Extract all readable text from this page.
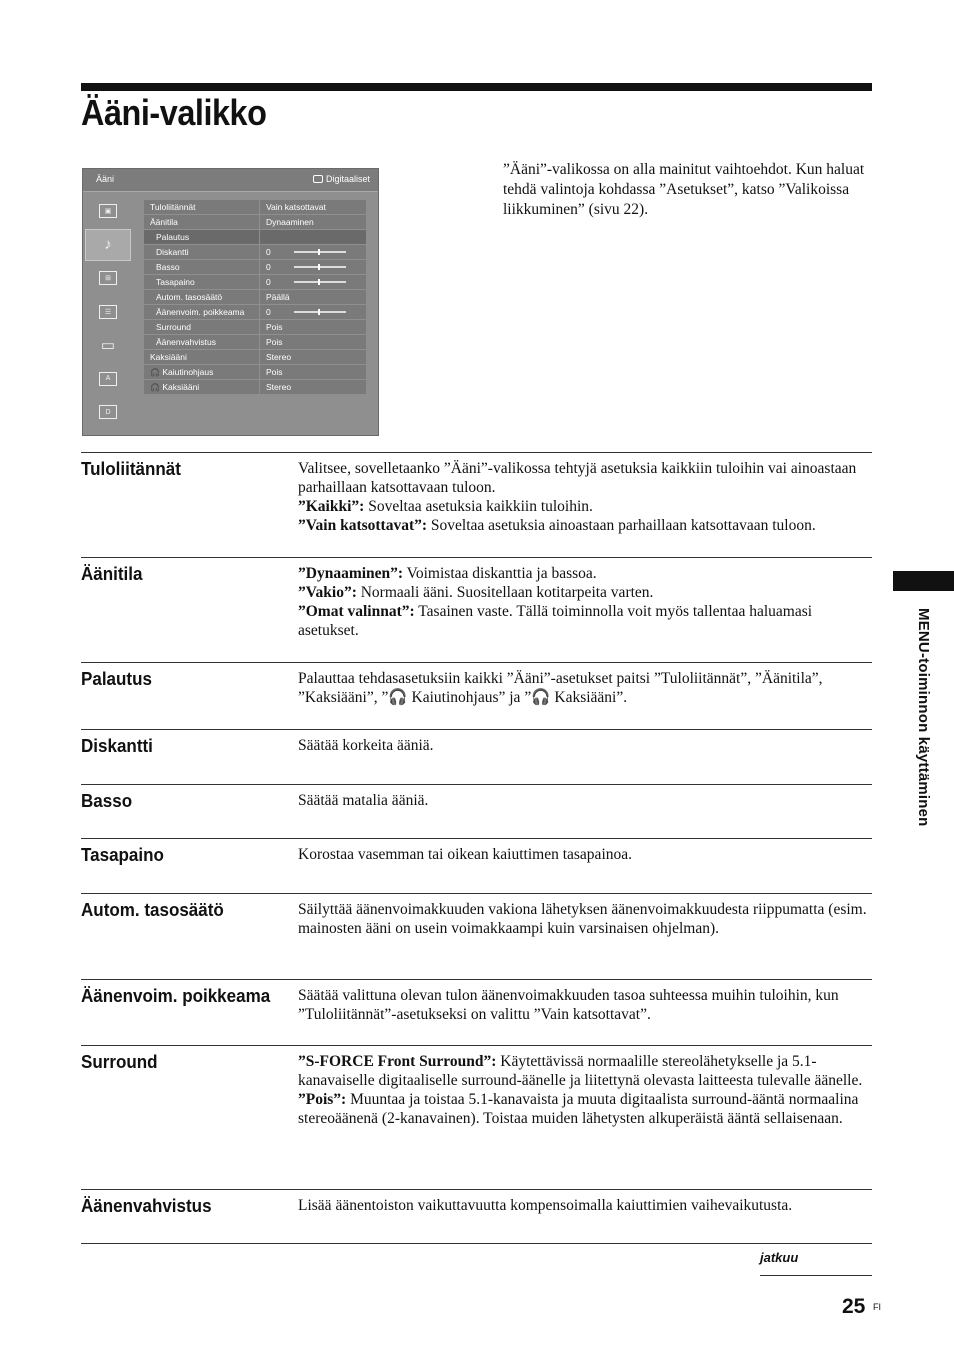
Ääni-valikko

”Ääni”-valikossa on alla mainitut vaihtoehdot. Kun haluat tehdä valintoja kohdassa ”Asetukset”, katso ”Valikoissa liikkuminen” (sivu 22).

Ääni	Digitaaliset
▣
♪
⊞
☰
▭
A
D
Tuloliitännät	Vain katsottavat
Äänitila	Dynaaminen
Palautus
Diskantti	0
Basso	0
Tasapaino	0
Autom. tasosäätö	Päällä
Äänenvoim. poikkeama	0
Surround	Pois
Äänenvahvistus	Pois
Kaksiääni	Stereo
🎧 Kaiutinohjaus	Pois
🎧 Kaksiääni	Stereo
Tuloliitännät	Valitsee, sovelletaanko ”Ääni”-valikossa tehtyjä asetuksia kaikkiin tuloihin vai ainoastaan parhaillaan katsottavaan tuloon.

”Kaikki”: Soveltaa asetuksia kaikkiin tuloihin.

”Vain katsottavat”: Soveltaa asetuksia ainoastaan parhaillaan katsottavaan tuloon.

Äänitila	”Dynaaminen”: Voimistaa diskanttia ja bassoa.

”Vakio”: Normaali ääni. Suositellaan kotitarpeita varten.

”Omat valinnat”: Tasainen vaste. Tällä toiminnolla voit myös tallentaa haluamasi asetukset.

Palautus	Palauttaa tehdasasetuksiin kaikki ”Ääni”-asetukset paitsi ”Tuloliitännät”, ”Äänitila”, ”Kaksiääni”, ”🎧 Kaiutinohjaus” ja ”🎧 Kaksiääni”.

Diskantti	Säätää korkeita ääniä.

Basso	Säätää matalia ääniä.

Tasapaino	Korostaa vasemman tai oikean kaiuttimen tasapainoa.

Autom. tasosäätö	Säilyttää äänenvoimakkuuden vakiona lähetyksen äänenvoimakkuudesta riippumatta (esim. mainosten ääni on usein voimakkaampi kuin varsinaisen ohjelman).

Äänenvoim. poikkeama	Säätää valittuna olevan tulon äänenvoimakkuuden tasoa suhteessa muihin tuloihin, kun ”Tuloliitännät”-asetukseksi on valittu ”Vain katsottavat”.

Surround	”S-FORCE Front Surround”: Käytettävissä normaalille stereolähetykselle ja 5.1-kanavaiselle digitaaliselle surround-äänelle ja liitettynä olevasta laitteesta tulevalle äänelle.

”Pois”: Muuntaa ja toistaa 5.1-kanavaista ja muuta digitaalista surround-ääntä normaalina stereoäänenä (2-kanavainen). Toistaa muiden lähetysten alkuperäistä ääntä sellaisenaan.

Äänenvahvistus	Lisää äänentoiston vaikuttavuutta kompensoimalla kaiuttimien vaihevaikutusta.

jatkuu
25 FI
MENU-toiminnon käyttäminen
